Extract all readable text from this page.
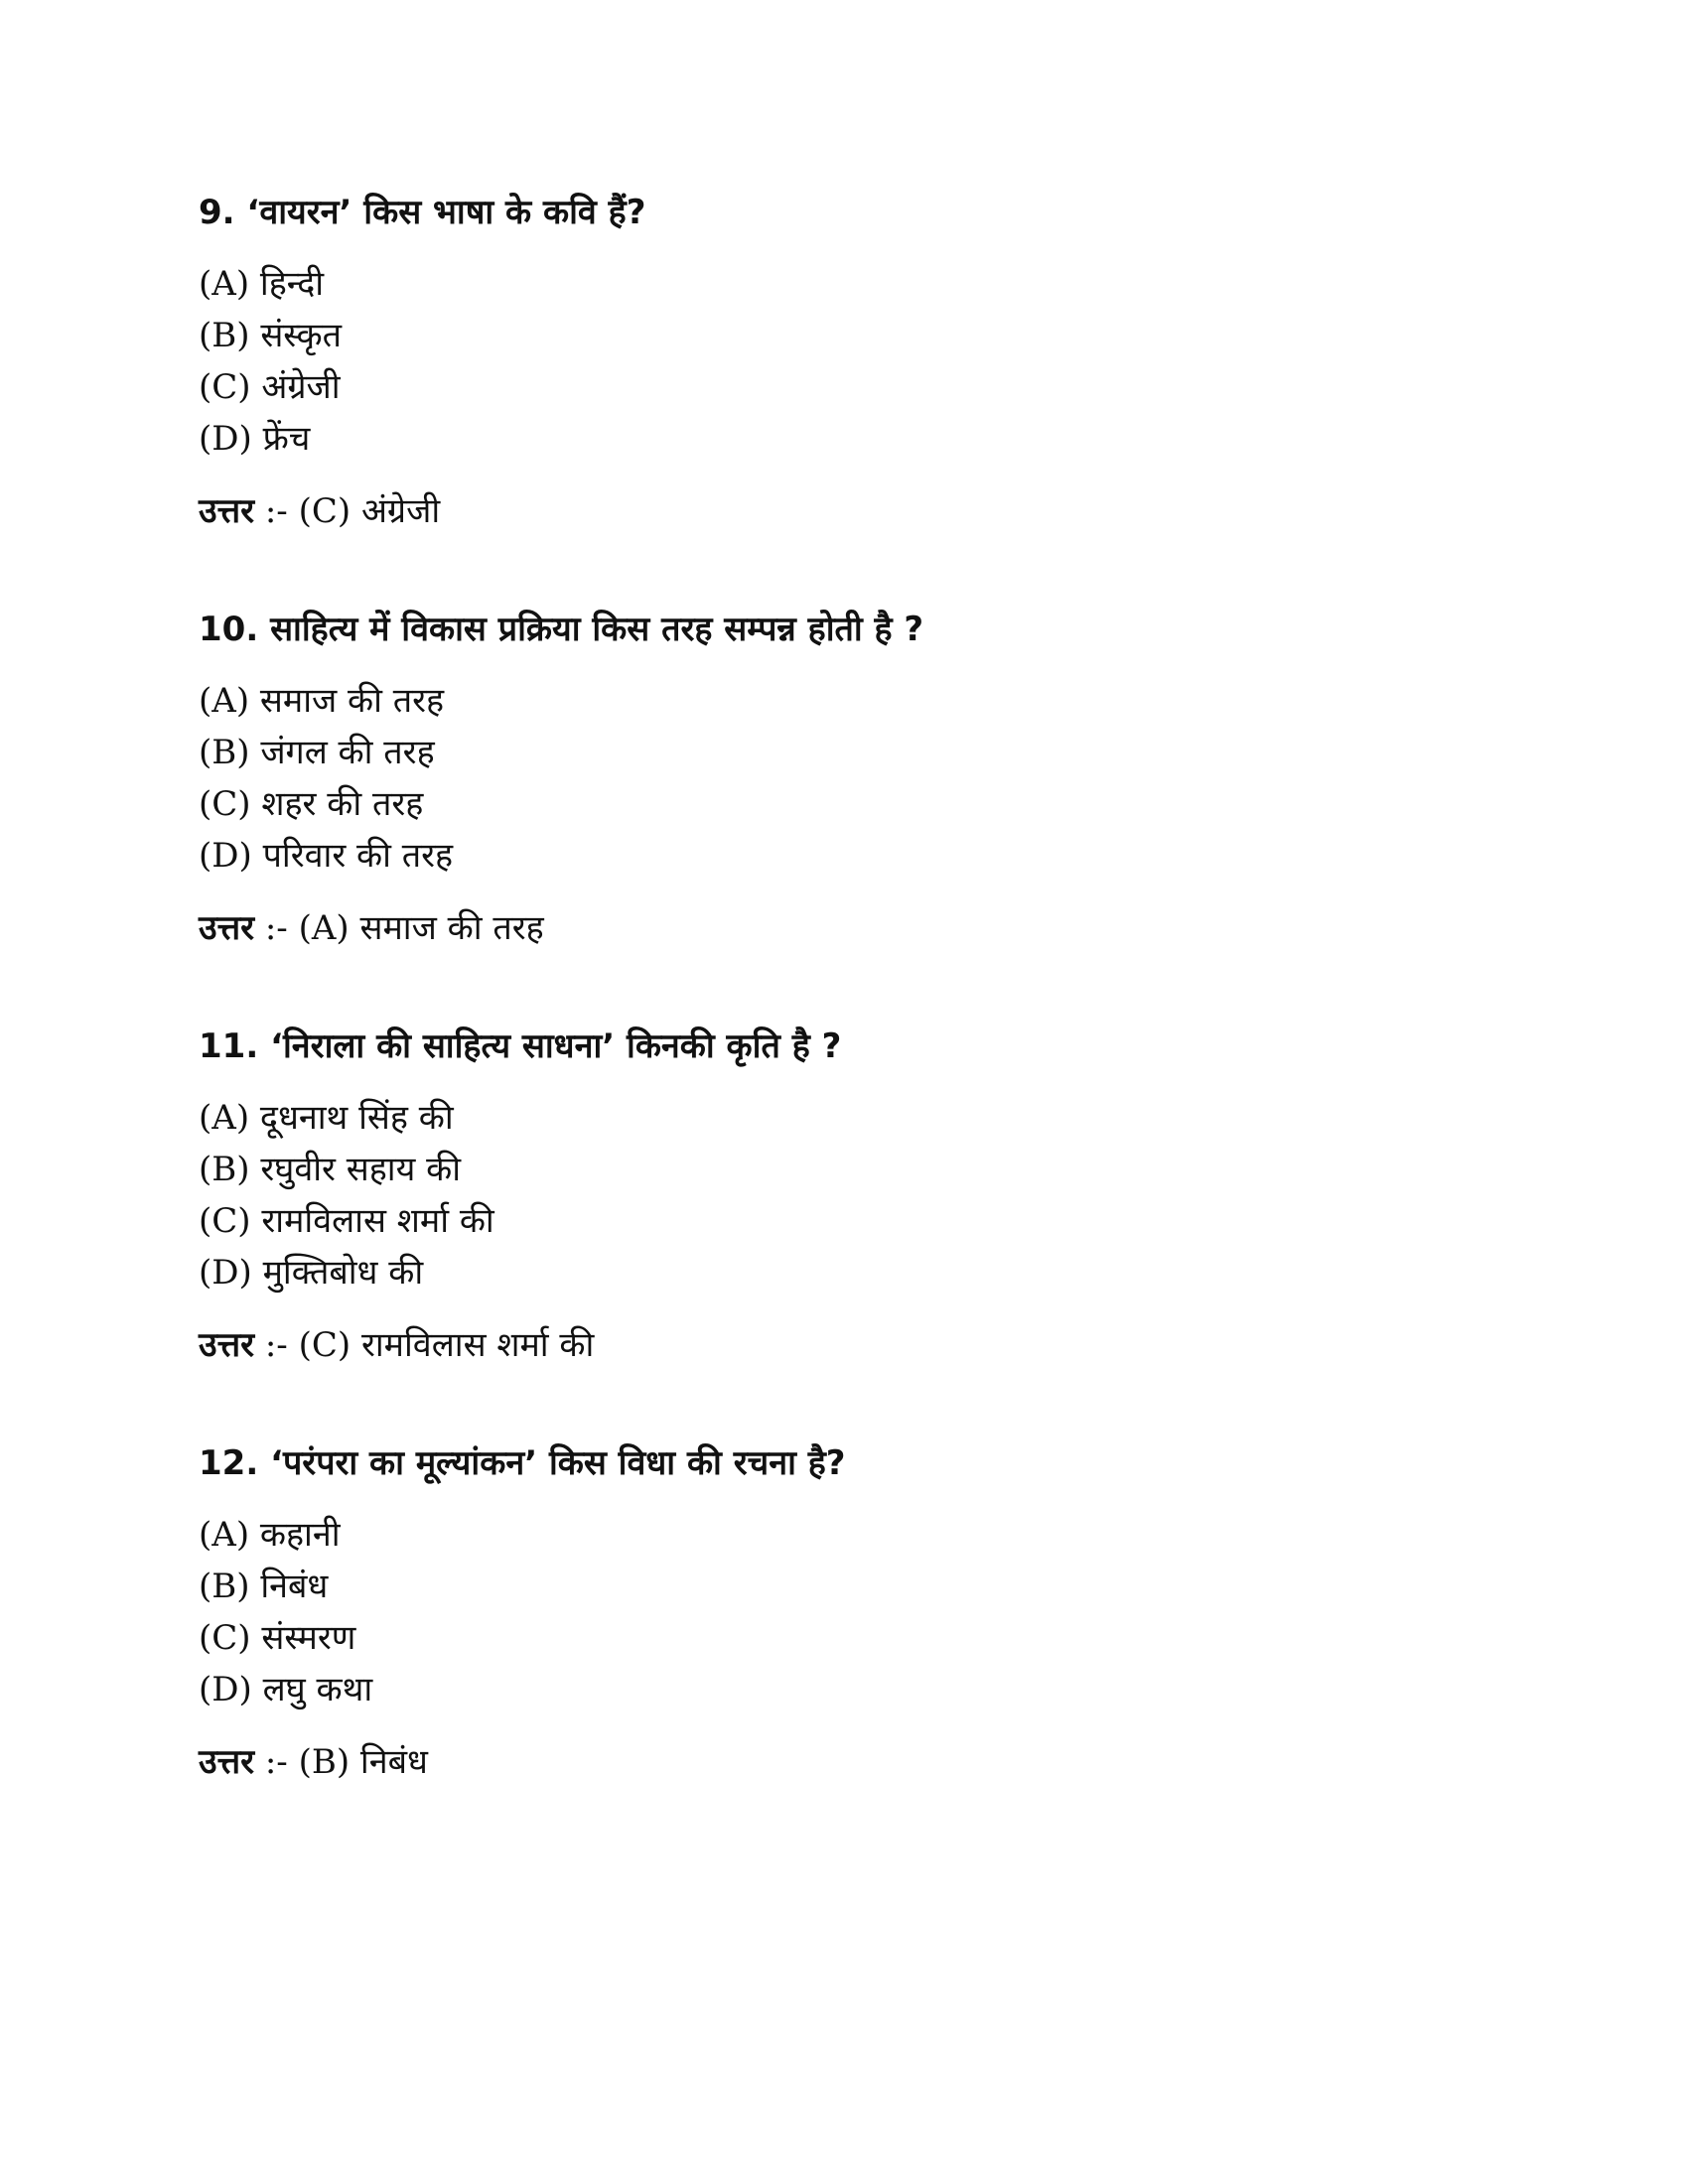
9. ‘वायरन’ किस भाषा के कवि हैं?

(A) हिन्दी
(B) संस्कृत
(C) अंग्रेजी
(D) फ्रेंच
उत्तर :- (C) अंग्रेजी

10. साहित्य में विकास प्रक्रिया किस तरह सम्पन्न होती है ?

(A) समाज की तरह
(B) जंगल की तरह
(C) शहर की तरह
(D) परिवार की तरह
उत्तर :- (A) समाज की तरह

11. ‘निराला की साहित्य साधना’ किनकी कृति है ?

(A) दूधनाथ सिंह की
(B) रघुवीर सहाय की
(C) रामविलास शर्मा की
(D) मुक्तिबोध की
उत्तर :- (C) रामविलास शर्मा की

12. ‘परंपरा का मूल्यांकन’ किस विधा की रचना है?

(A) कहानी
(B) निबंध
(C) संस्मरण
(D) लघु कथा
उत्तर :- (B) निबंध
